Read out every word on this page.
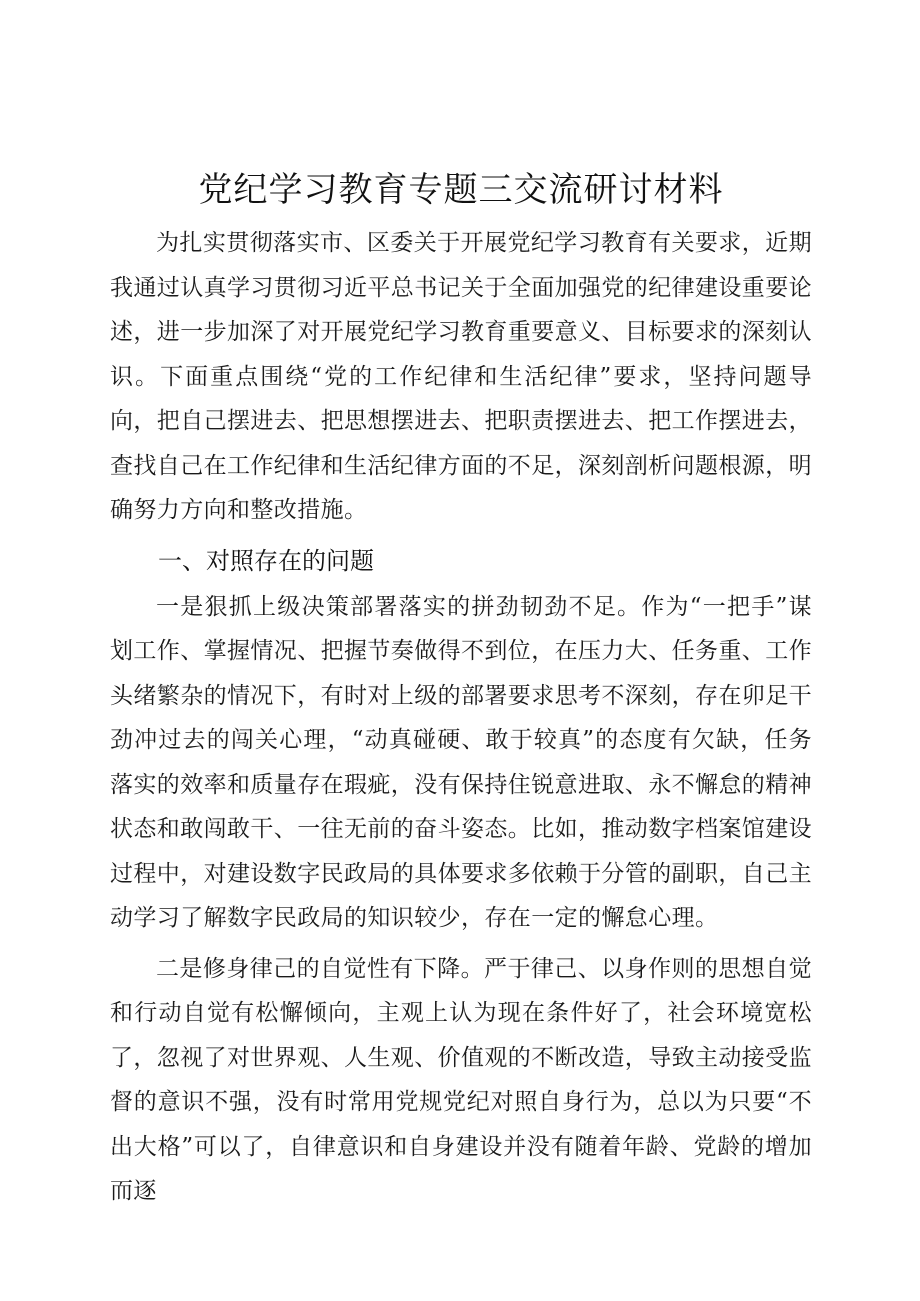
党纪学习教育专题三交流研讨材料

为扎实贯彻落实市、区委关于开展党纪学习教育有关要求，近期我通过认真学习贯彻习近平总书记关于全面加强党的纪律建设重要论述，进一步加深了对开展党纪学习教育重要意义、目标要求的深刻认识。下面重点围绕“党的工作纪律和生活纪律”要求，坚持问题导向，把自己摆进去、把思想摆进去、把职责摆进去、把工作摆进去，查找自己在工作纪律和生活纪律方面的不足，深刻剖析问题根源，明确努力方向和整改措施。

一、对照存在的问题

一是狠抓上级决策部署落实的拼劲韧劲不足。作为“一把手”谋划工作、掌握情况、把握节奏做得不到位，在压力大、任务重、工作头绪繁杂的情况下，有时对上级的部署要求思考不深刻，存在卯足干劲冲过去的闯关心理，“动真碰硬、敢于较真”的态度有欠缺，任务落实的效率和质量存在瑕疵，没有保持住锐意进取、永不懈怠的精神状态和敢闯敢干、一往无前的奋斗姿态。比如，推动数字档案馆建设过程中，对建设数字民政局的具体要求多依赖于分管的副职，自己主动学习了解数字民政局的知识较少，存在一定的懈怠心理。

二是修身律己的自觉性有下降。严于律己、以身作则的思想自觉和行动自觉有松懈倾向，主观上认为现在条件好了，社会环境宽松了，忽视了对世界观、人生观、价值观的不断改造，导致主动接受监督的意识不强，没有时常用党规党纪对照自身行为，总以为只要“不出大格”可以了，自律意识和自身建设并没有随着年龄、党龄的增加而逐
